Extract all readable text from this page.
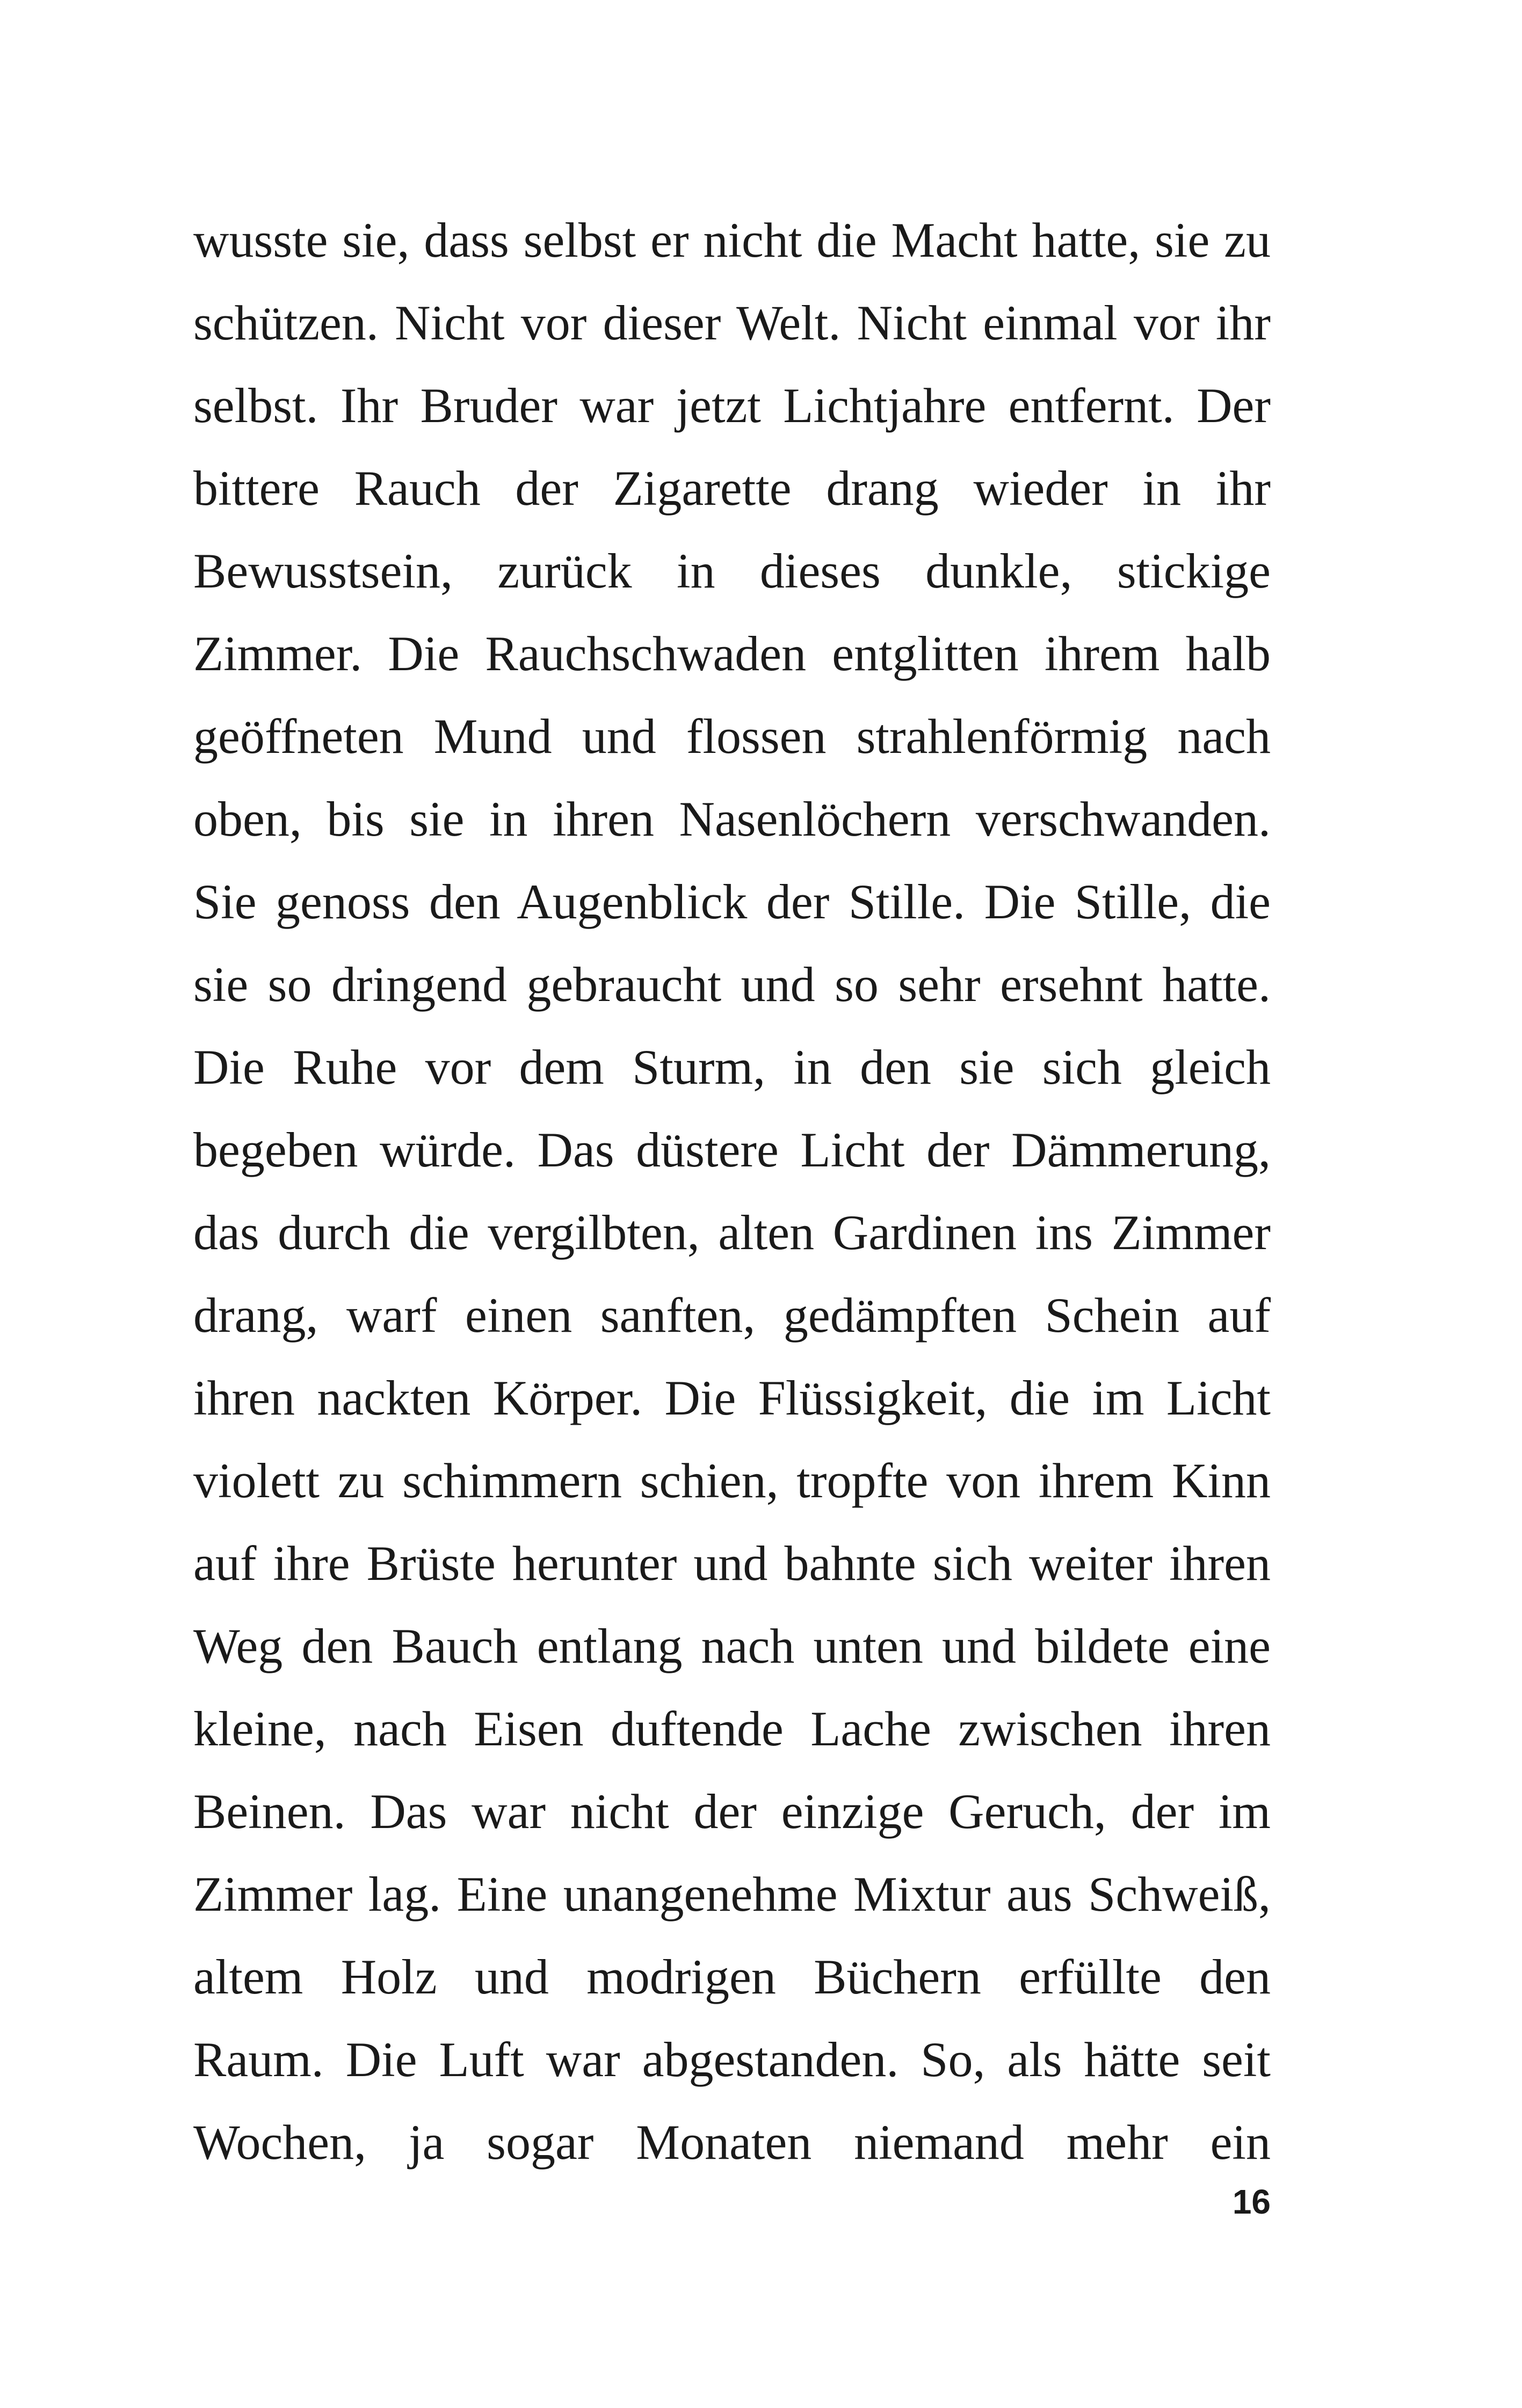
wusste sie, dass selbst er nicht die Macht hatte, sie zu
schützen. Nicht vor dieser Welt. Nicht einmal vor ihr
selbst. Ihr Bruder war jetzt Lichtjahre entfernt. Der
bittere Rauch der Zigarette drang wieder in ihr
Bewusstsein, zurück in dieses dunkle, stickige
Zimmer. Die Rauchschwaden entglitten ihrem halb
geöffneten Mund und flossen strahlenförmig nach
oben, bis sie in ihren Nasenlöchern verschwanden.
Sie genoss den Augenblick der Stille. Die Stille, die
sie so dringend gebraucht und so sehr ersehnt hatte.
Die Ruhe vor dem Sturm, in den sie sich gleich
begeben würde. Das düstere Licht der Dämmerung,
das durch die vergilbten, alten Gardinen ins Zimmer
drang, warf einen sanften, gedämpften Schein auf
ihren nackten Körper. Die Flüssigkeit, die im Licht
violett zu schimmern schien, tropfte von ihrem Kinn
auf ihre Brüste herunter und bahnte sich weiter ihren
Weg den Bauch entlang nach unten und bildete eine
kleine, nach Eisen duftende Lache zwischen ihren
Beinen. Das war nicht der einzige Geruch, der im
Zimmer lag. Eine unangenehme Mixtur aus Schweiß,
altem Holz und modrigen Büchern erfüllte den
Raum. Die Luft war abgestanden. So, als hätte seit
Wochen, ja sogar Monaten niemand mehr ein
16
